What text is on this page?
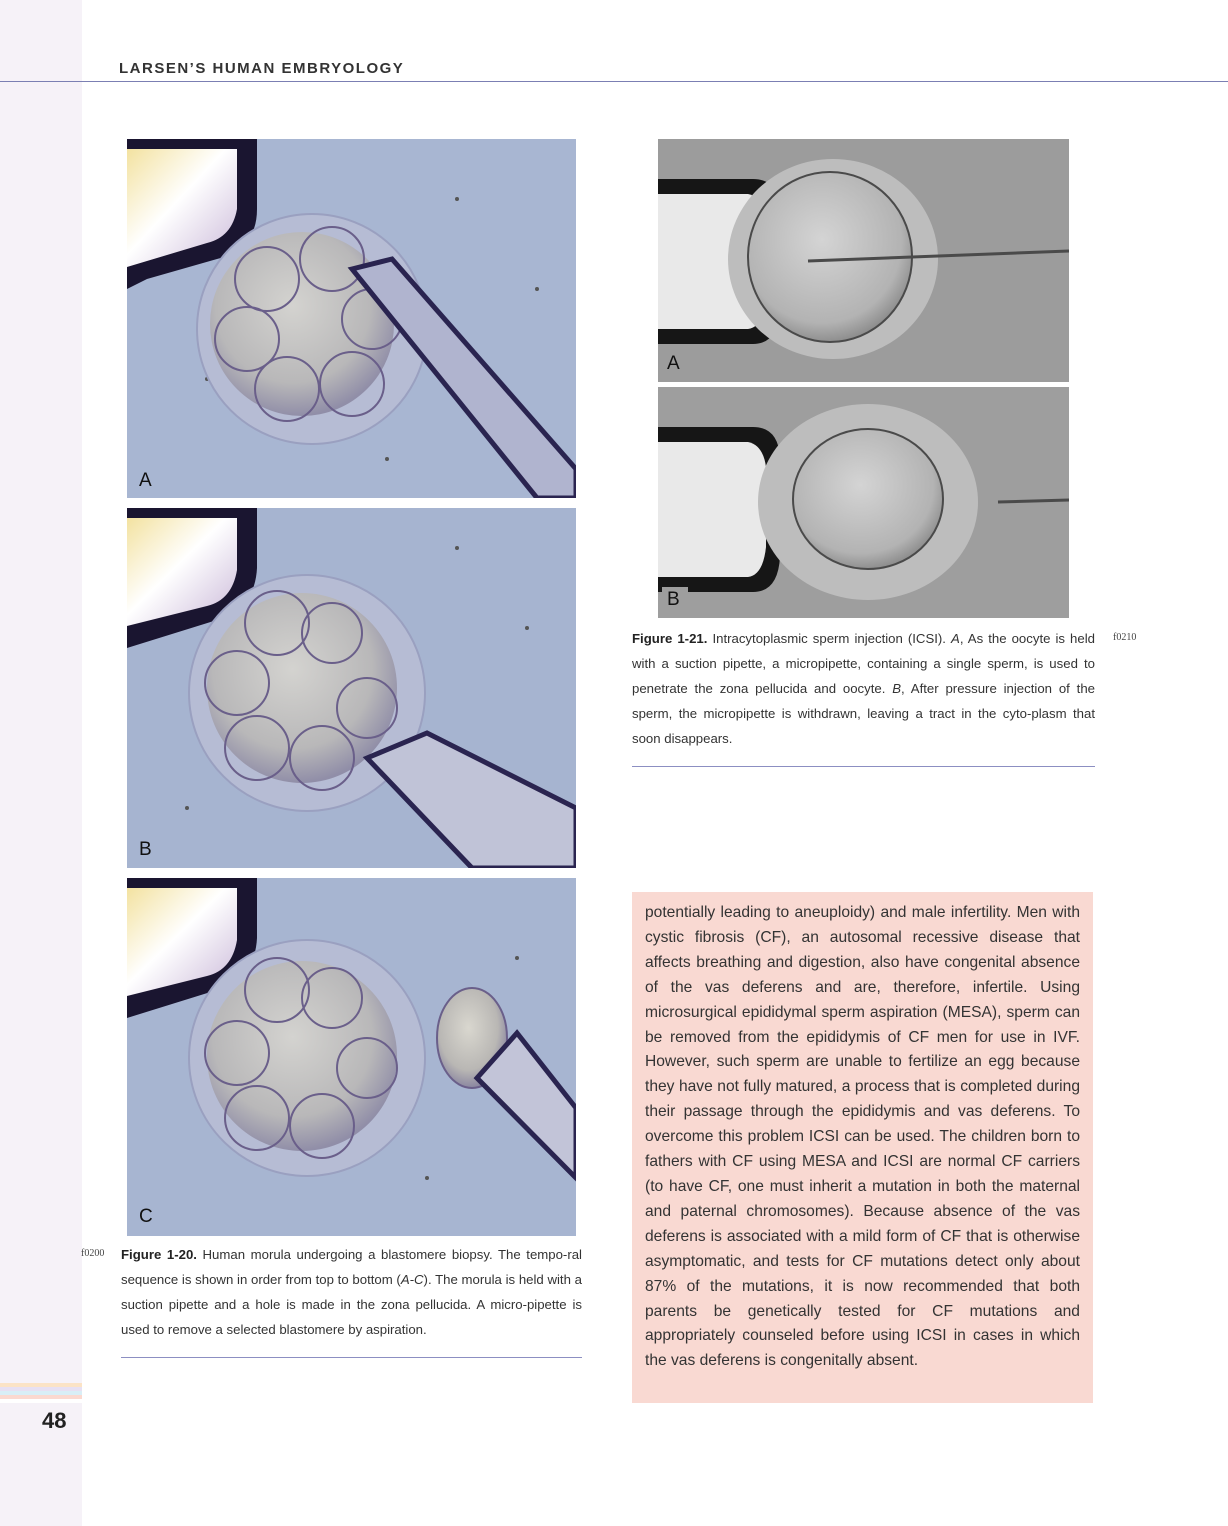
48
LARSEN’S HUMAN EMBRYOLOGY
A
B
C
f0200 Figure 1-20. Human morula undergoing a blastomere biopsy. The tempo-ral sequence is shown in order from top to bottom (A-C). The morula is held with a suction pipette and a hole is made in the zona pellucida. A micro-pipette is used to remove a selected blastomere by aspiration.
A
B
f0210
Figure 1-21. Intracytoplasmic sperm injection (ICSI). A, As the oocyte is held with a suction pipette, a micropipette, containing a single sperm, is used to penetrate the zona pellucida and oocyte. B, After pressure injection of the sperm, the micropipette is withdrawn, leaving a tract in the cyto-plasm that soon disappears.

potentially leading to aneuploidy) and male infertility. Men with cystic fibrosis (CF), an autosomal recessive disease that affects breathing and digestion, also have congenital absence of the vas deferens and are, therefore, infertile. Using microsurgical epididymal sperm aspiration (MESA), sperm can be removed from the epididymis of CF men for use in IVF. However, such sperm are unable to fertilize an egg because they have not fully matured, a process that is completed during their passage through the epididymis and vas deferens. To overcome this problem ICSI can be used. The children born to fathers with CF using MESA and ICSI are normal CF carriers (to have CF, one must inherit a mutation in both the maternal and paternal chromosomes). Because absence of the vas deferens is associated with a mild form of CF that is otherwise asymptomatic, and tests for CF mutations detect only about 87% of the mutations, it is now recommended that both parents be genetically tested for CF mutations and appropriately counseled before using ICSI in cases in which the vas deferens is congenitally absent.
